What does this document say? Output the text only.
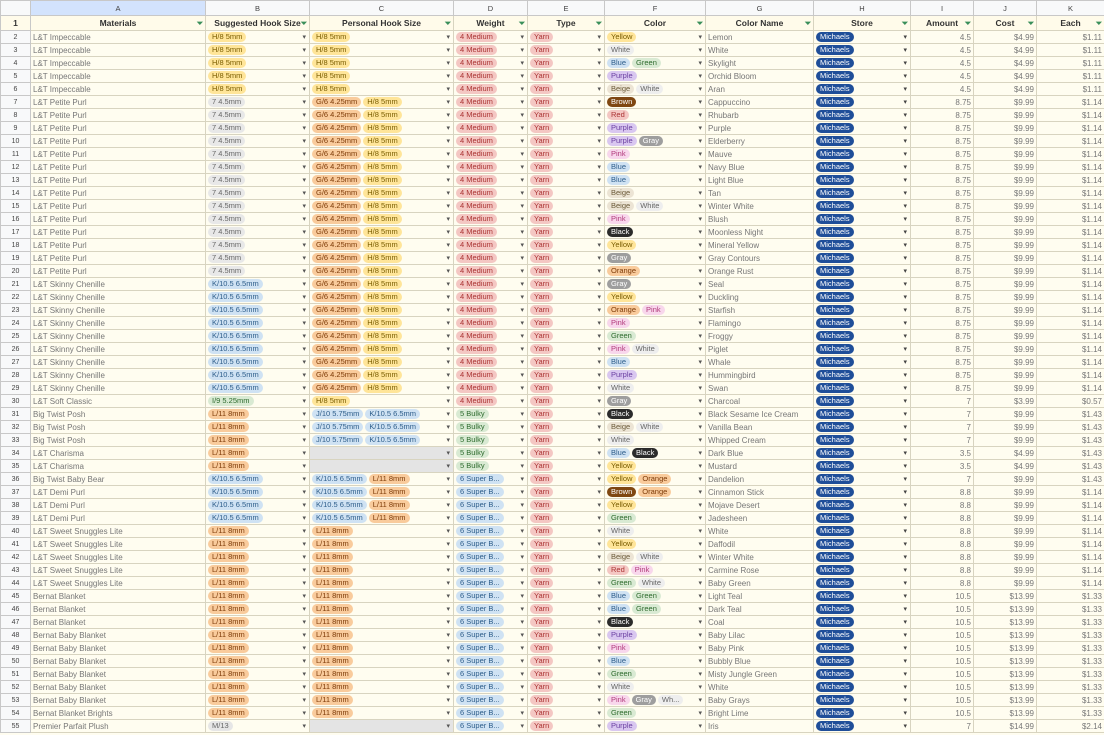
	A	B	C	D	E	F	G	H	I	J	K
1	Materials ⏷	Suggested Hook Size ⏷	Personal Hook Size ⏷	Weight ⏷	Type ⏷	Color ⏷	Color Name ⏷	Store ⏷	Amount ⏷	Cost ⏷	Each ⏷

2	L&T Impeccable	H/8 5mm ▾	H/8 5mm ▾	4 Medium ▾	Yarn ▾	Yellow ▾	Lemon	Michaels ▾	4.5	$4.99	$1.11
3	L&T Impeccable	H/8 5mm ▾	H/8 5mm ▾	4 Medium ▾	Yarn ▾	White ▾	White	Michaels ▾	4.5	$4.99	$1.11
4	L&T Impeccable	H/8 5mm ▾	H/8 5mm ▾	4 Medium ▾	Yarn ▾	Blue Green ▾	Skylight	Michaels ▾	4.5	$4.99	$1.11
5	L&T Impeccable	H/8 5mm ▾	H/8 5mm ▾	4 Medium ▾	Yarn ▾	Purple ▾	Orchid Bloom	Michaels ▾	4.5	$4.99	$1.11
6	L&T Impeccable	H/8 5mm ▾	H/8 5mm ▾	4 Medium ▾	Yarn ▾	Beige White ▾	Aran	Michaels ▾	4.5	$4.99	$1.11
7	L&T Petite Purl	7 4.5mm ▾	G/6 4.25mm H/8 5mm ▾	4 Medium ▾	Yarn ▾	Brown ▾	Cappuccino	Michaels ▾	8.75	$9.99	$1.14
8	L&T Petite Purl	7 4.5mm ▾	G/6 4.25mm H/8 5mm ▾	4 Medium ▾	Yarn ▾	Red ▾	Rhubarb	Michaels ▾	8.75	$9.99	$1.14
9	L&T Petite Purl	7 4.5mm ▾	G/6 4.25mm H/8 5mm ▾	4 Medium ▾	Yarn ▾	Purple ▾	Purple	Michaels ▾	8.75	$9.99	$1.14
10	L&T Petite Purl	7 4.5mm ▾	G/6 4.25mm H/8 5mm ▾	4 Medium ▾	Yarn ▾	Purple Gray ▾	Elderberry	Michaels ▾	8.75	$9.99	$1.14
11	L&T Petite Purl	7 4.5mm ▾	G/6 4.25mm H/8 5mm ▾	4 Medium ▾	Yarn ▾	Pink ▾	Mauve	Michaels ▾	8.75	$9.99	$1.14
12	L&T Petite Purl	7 4.5mm ▾	G/6 4.25mm H/8 5mm ▾	4 Medium ▾	Yarn ▾	Blue ▾	Navy Blue	Michaels ▾	8.75	$9.99	$1.14
13	L&T Petite Purl	7 4.5mm ▾	G/6 4.25mm H/8 5mm ▾	4 Medium ▾	Yarn ▾	Blue ▾	Light Blue	Michaels ▾	8.75	$9.99	$1.14
14	L&T Petite Purl	7 4.5mm ▾	G/6 4.25mm H/8 5mm ▾	4 Medium ▾	Yarn ▾	Beige ▾	Tan	Michaels ▾	8.75	$9.99	$1.14
15	L&T Petite Purl	7 4.5mm ▾	G/6 4.25mm H/8 5mm ▾	4 Medium ▾	Yarn ▾	Beige White ▾	Winter White	Michaels ▾	8.75	$9.99	$1.14
16	L&T Petite Purl	7 4.5mm ▾	G/6 4.25mm H/8 5mm ▾	4 Medium ▾	Yarn ▾	Pink ▾	Blush	Michaels ▾	8.75	$9.99	$1.14
17	L&T Petite Purl	7 4.5mm ▾	G/6 4.25mm H/8 5mm ▾	4 Medium ▾	Yarn ▾	Black ▾	Moonless Night	Michaels ▾	8.75	$9.99	$1.14
18	L&T Petite Purl	7 4.5mm ▾	G/6 4.25mm H/8 5mm ▾	4 Medium ▾	Yarn ▾	Yellow ▾	Mineral Yellow	Michaels ▾	8.75	$9.99	$1.14
19	L&T Petite Purl	7 4.5mm ▾	G/6 4.25mm H/8 5mm ▾	4 Medium ▾	Yarn ▾	Gray ▾	Gray Contours	Michaels ▾	8.75	$9.99	$1.14
20	L&T Petite Purl	7 4.5mm ▾	G/6 4.25mm H/8 5mm ▾	4 Medium ▾	Yarn ▾	Orange ▾	Orange Rust	Michaels ▾	8.75	$9.99	$1.14
21	L&T Skinny Chenille	K/10.5 6.5mm ▾	G/6 4.25mm H/8 5mm ▾	4 Medium ▾	Yarn ▾	Gray ▾	Seal	Michaels ▾	8.75	$9.99	$1.14
22	L&T Skinny Chenille	K/10.5 6.5mm ▾	G/6 4.25mm H/8 5mm ▾	4 Medium ▾	Yarn ▾	Yellow ▾	Duckling	Michaels ▾	8.75	$9.99	$1.14
23	L&T Skinny Chenille	K/10.5 6.5mm ▾	G/6 4.25mm H/8 5mm ▾	4 Medium ▾	Yarn ▾	Orange Pink ▾	Starfish	Michaels ▾	8.75	$9.99	$1.14
24	L&T Skinny Chenille	K/10.5 6.5mm ▾	G/6 4.25mm H/8 5mm ▾	4 Medium ▾	Yarn ▾	Pink ▾	Flamingo	Michaels ▾	8.75	$9.99	$1.14
25	L&T Skinny Chenille	K/10.5 6.5mm ▾	G/6 4.25mm H/8 5mm ▾	4 Medium ▾	Yarn ▾	Green ▾	Froggy	Michaels ▾	8.75	$9.99	$1.14
26	L&T Skinny Chenille	K/10.5 6.5mm ▾	G/6 4.25mm H/8 5mm ▾	4 Medium ▾	Yarn ▾	Pink White ▾	Piglet	Michaels ▾	8.75	$9.99	$1.14
27	L&T Skinny Chenille	K/10.5 6.5mm ▾	G/6 4.25mm H/8 5mm ▾	4 Medium ▾	Yarn ▾	Blue ▾	Whale	Michaels ▾	8.75	$9.99	$1.14
28	L&T Skinny Chenille	K/10.5 6.5mm ▾	G/6 4.25mm H/8 5mm ▾	4 Medium ▾	Yarn ▾	Purple ▾	Hummingbird	Michaels ▾	8.75	$9.99	$1.14
29	L&T Skinny Chenille	K/10.5 6.5mm ▾	G/6 4.25mm H/8 5mm ▾	4 Medium ▾	Yarn ▾	White ▾	Swan	Michaels ▾	8.75	$9.99	$1.14
30	L&T Soft Classic	I/9 5.25mm ▾	H/8 5mm ▾	4 Medium ▾	Yarn ▾	Gray ▾	Charcoal	Michaels ▾	7	$3.99	$0.57
31	Big Twist Posh	L/11 8mm ▾	J/10 5.75mm K/10.5 6.5mm ▾	5 Bulky ▾	Yarn ▾	Black ▾	Black Sesame Ice Cream	Michaels ▾	7	$9.99	$1.43
32	Big Twist Posh	L/11 8mm ▾	J/10 5.75mm K/10.5 6.5mm ▾	5 Bulky ▾	Yarn ▾	Beige White ▾	Vanilla Bean	Michaels ▾	7	$9.99	$1.43
33	Big Twist Posh	L/11 8mm ▾	J/10 5.75mm K/10.5 6.5mm ▾	5 Bulky ▾	Yarn ▾	White ▾	Whipped Cream	Michaels ▾	7	$9.99	$1.43
34	L&T Charisma	L/11 8mm ▾	▾	5 Bulky ▾	Yarn ▾	Blue Black ▾	Dark Blue	Michaels ▾	3.5	$4.99	$1.43
35	L&T Charisma	L/11 8mm ▾	▾	5 Bulky ▾	Yarn ▾	Yellow ▾	Mustard	Michaels ▾	3.5	$4.99	$1.43
36	Big Twist Baby Bear	K/10.5 6.5mm ▾	K/10.5 6.5mm L/11 8mm ▾	6 Super B... ▾	Yarn ▾	Yellow Orange ▾	Dandelion	Michaels ▾	7	$9.99	$1.43
37	L&T Demi Purl	K/10.5 6.5mm ▾	K/10.5 6.5mm L/11 8mm ▾	6 Super B... ▾	Yarn ▾	Brown Orange ▾	Cinnamon Stick	Michaels ▾	8.8	$9.99	$1.14
38	L&T Demi Purl	K/10.5 6.5mm ▾	K/10.5 6.5mm L/11 8mm ▾	6 Super B... ▾	Yarn ▾	Yellow ▾	Mojave Desert	Michaels ▾	8.8	$9.99	$1.14
39	L&T Demi Purl	K/10.5 6.5mm ▾	K/10.5 6.5mm L/11 8mm ▾	6 Super B... ▾	Yarn ▾	Green ▾	Jadesheen	Michaels ▾	8.8	$9.99	$1.14
40	L&T Sweet Snuggles Lite	L/11 8mm ▾	L/11 8mm ▾	6 Super B... ▾	Yarn ▾	White ▾	White	Michaels ▾	8.8	$9.99	$1.14
41	L&T Sweet Snuggles Lite	L/11 8mm ▾	L/11 8mm ▾	6 Super B... ▾	Yarn ▾	Yellow ▾	Daffodil	Michaels ▾	8.8	$9.99	$1.14
42	L&T Sweet Snuggles Lite	L/11 8mm ▾	L/11 8mm ▾	6 Super B... ▾	Yarn ▾	Beige White ▾	Winter White	Michaels ▾	8.8	$9.99	$1.14
43	L&T Sweet Snuggles Lite	L/11 8mm ▾	L/11 8mm ▾	6 Super B... ▾	Yarn ▾	Red Pink ▾	Carmine Rose	Michaels ▾	8.8	$9.99	$1.14
44	L&T Sweet Snuggles Lite	L/11 8mm ▾	L/11 8mm ▾	6 Super B... ▾	Yarn ▾	Green White ▾	Baby Green	Michaels ▾	8.8	$9.99	$1.14
45	Bernat Blanket	L/11 8mm ▾	L/11 8mm ▾	6 Super B... ▾	Yarn ▾	Blue Green ▾	Light Teal	Michaels ▾	10.5	$13.99	$1.33
46	Bernat Blanket	L/11 8mm ▾	L/11 8mm ▾	6 Super B... ▾	Yarn ▾	Blue Green ▾	Dark Teal	Michaels ▾	10.5	$13.99	$1.33
47	Bernat Blanket	L/11 8mm ▾	L/11 8mm ▾	6 Super B... ▾	Yarn ▾	Black ▾	Coal	Michaels ▾	10.5	$13.99	$1.33
48	Bernat Baby Blanket	L/11 8mm ▾	L/11 8mm ▾	6 Super B... ▾	Yarn ▾	Purple ▾	Baby Lilac	Michaels ▾	10.5	$13.99	$1.33
49	Bernat Baby Blanket	L/11 8mm ▾	L/11 8mm ▾	6 Super B... ▾	Yarn ▾	Pink ▾	Baby Pink	Michaels ▾	10.5	$13.99	$1.33
50	Bernat Baby Blanket	L/11 8mm ▾	L/11 8mm ▾	6 Super B... ▾	Yarn ▾	Blue ▾	Bubbly Blue	Michaels ▾	10.5	$13.99	$1.33
51	Bernat Baby Blanket	L/11 8mm ▾	L/11 8mm ▾	6 Super B... ▾	Yarn ▾	Green ▾	Misty Jungle Green	Michaels ▾	10.5	$13.99	$1.33
52	Bernat Baby Blanket	L/11 8mm ▾	L/11 8mm ▾	6 Super B... ▾	Yarn ▾	White ▾	White	Michaels ▾	10.5	$13.99	$1.33
53	Bernat Baby Blanket	L/11 8mm ▾	L/11 8mm ▾	6 Super B... ▾	Yarn ▾	Pink Gray Wh... ▾	Baby Grays	Michaels ▾	10.5	$13.99	$1.33
54	Bernat Blanket Brights	L/11 8mm ▾	L/11 8mm ▾	6 Super B... ▾	Yarn ▾	Green ▾	Bright Lime	Michaels ▾	10.5	$13.99	$1.33
55	Premier Parfait Plush	M/13 ▾	▾	6 Super B... ▾	Yarn ▾	Purple ▾	Iris	Michaels ▾	7	$14.99	$2.14
